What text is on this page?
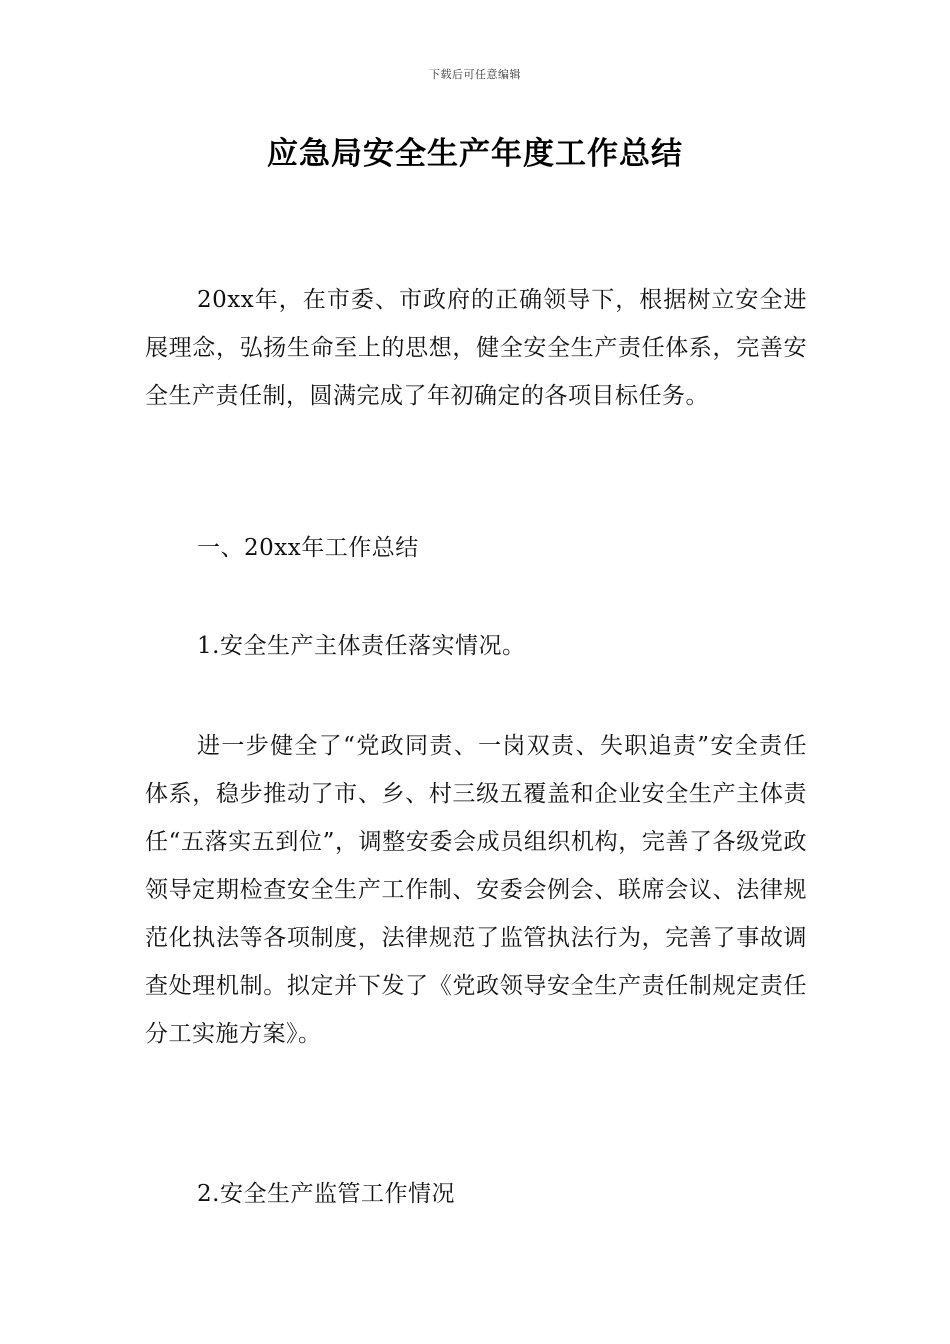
下载后可任意编辑
应急局安全生产年度工作总结

20xx年，在市委、市政府的正确领导下，根据树立安全进展理念，弘扬生命至上的思想，健全安全生产责任体系，完善安全生产责任制，圆满完成了年初确定的各项目标任务。

一、20xx年工作总结

1.安全生产主体责任落实情况。

进一步健全了“党政同责、一岗双责、失职追责”安全责任体系，稳步推动了市、乡、村三级五覆盖和企业安全生产主体责任“五落实五到位”，调整安委会成员组织机构，完善了各级党政领导定期检查安全生产工作制、安委会例会、联席会议、法律规范化执法等各项制度，法律规范了监管执法行为，完善了事故调查处理机制。拟定并下发了《党政领导安全生产责任制规定责任分工实施方案》。

2.安全生产监管工作情况
